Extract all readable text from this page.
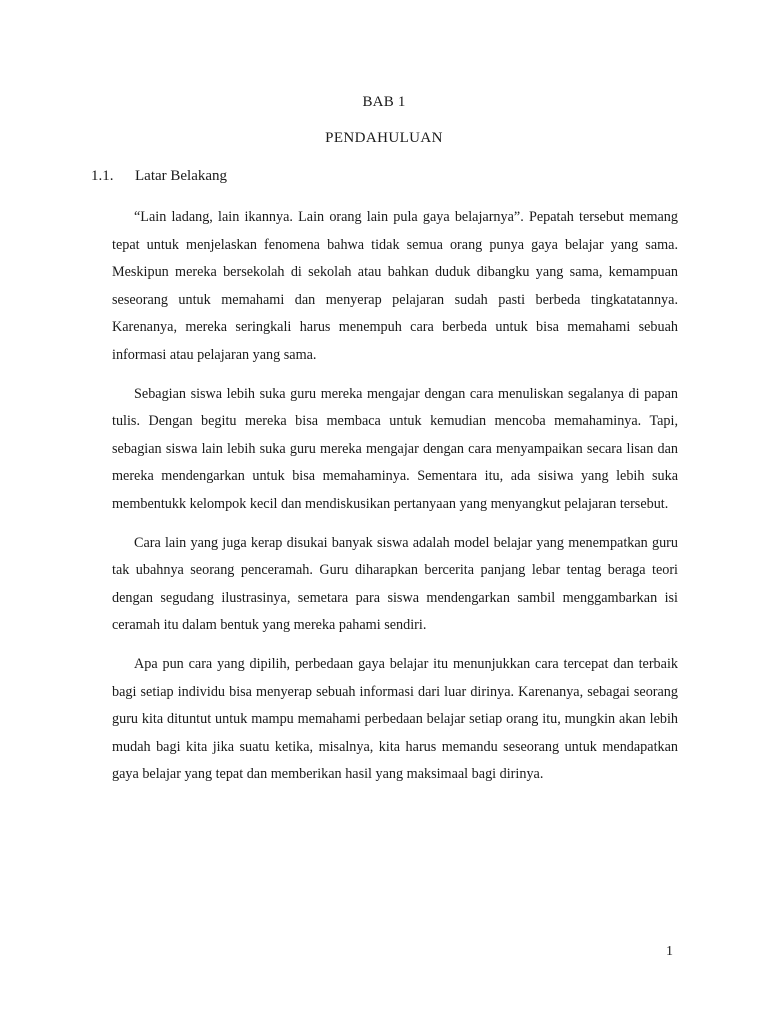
BAB 1

PENDAHULUAN

1.1. Latar Belakang

“Lain ladang, lain ikannya. Lain orang lain pula gaya belajarnya”. Pepatah tersebut memang tepat untuk menjelaskan fenomena bahwa tidak semua orang punya gaya belajar yang sama. Meskipun mereka bersekolah di sekolah atau bahkan duduk dibangku yang sama, kemampuan seseorang untuk memahami dan menyerap pelajaran sudah pasti berbeda tingkatatannya. Karenanya, mereka seringkali harus menempuh cara berbeda untuk bisa memahami sebuah informasi atau pelajaran yang sama.

Sebagian siswa lebih suka guru mereka mengajar dengan cara menuliskan segalanya di papan tulis. Dengan begitu mereka bisa membaca untuk kemudian mencoba memahaminya. Tapi, sebagian siswa lain lebih suka guru mereka mengajar dengan cara menyampaikan secara lisan dan mereka mendengarkan untuk bisa memahaminya. Sementara itu, ada sisiwa yang lebih suka membentukk kelompok kecil dan mendiskusikan pertanyaan yang menyangkut pelajaran tersebut.

Cara lain yang juga kerap disukai banyak siswa adalah model belajar yang menempatkan guru tak ubahnya seorang penceramah. Guru diharapkan bercerita panjang lebar tentag beraga teori dengan segudang ilustrasinya, semetara para siswa mendengarkan sambil menggambarkan isi ceramah itu dalam bentuk yang mereka pahami sendiri.

Apa pun cara yang dipilih, perbedaan gaya belajar itu menunjukkan cara tercepat dan terbaik bagi setiap individu bisa menyerap sebuah informasi dari luar dirinya. Karenanya, sebagai seorang guru kita dituntut untuk mampu memahami perbedaan belajar setiap orang itu, mungkin akan lebih mudah bagi kita jika suatu ketika, misalnya, kita harus memandu seseorang untuk mendapatkan gaya belajar yang tepat dan memberikan hasil yang maksimaal bagi dirinya.

1
